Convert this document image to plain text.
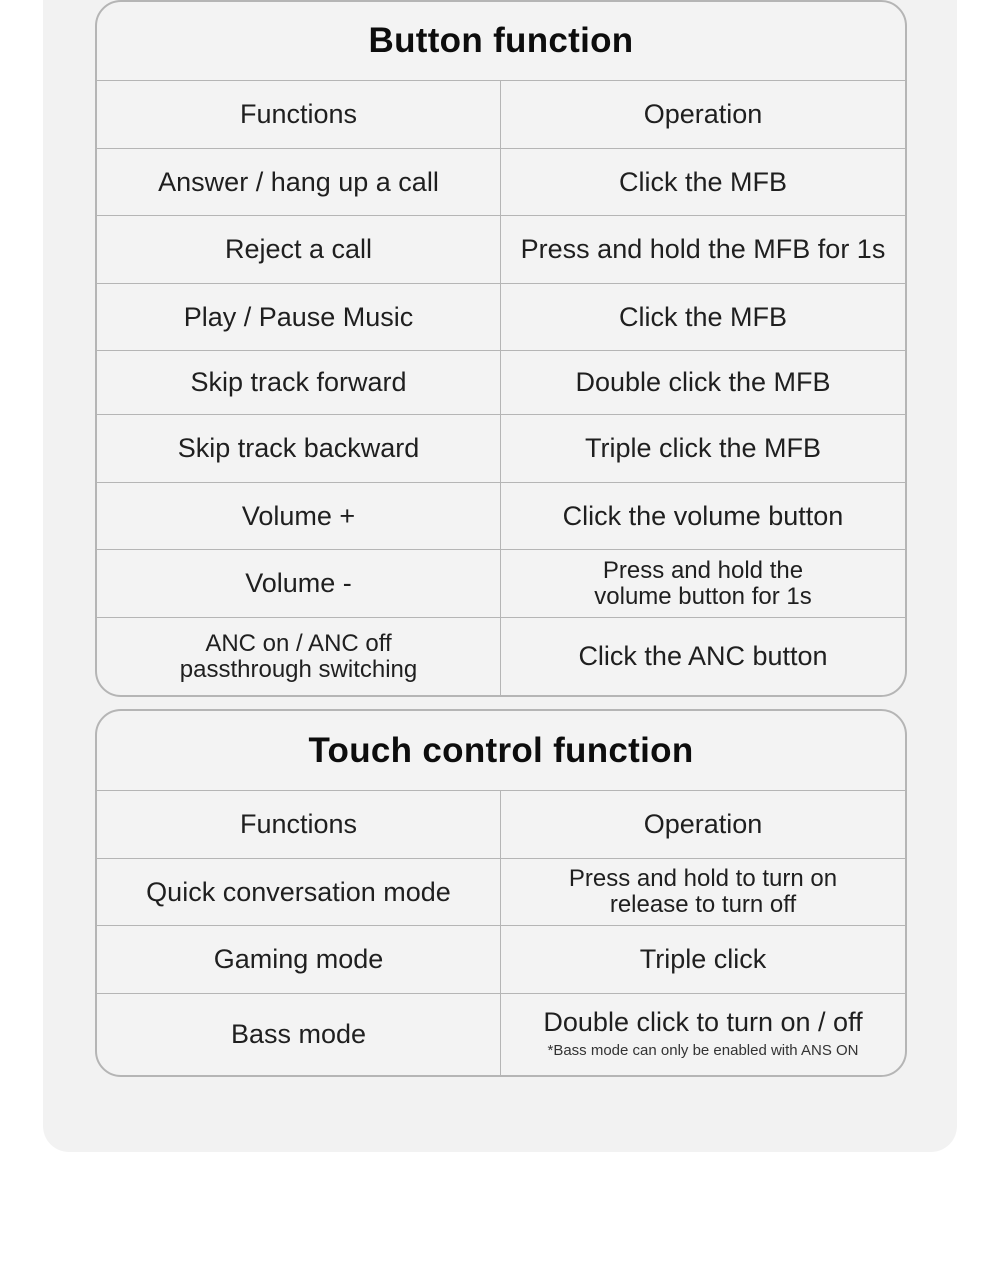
Button function
Functions	Operation
Answer / hang up a call	Click the MFB
Reject a call	Press and hold the MFB for 1s
Play / Pause Music	Click the MFB
Skip track forward	Double click the MFB
Skip track backward	Triple click the MFB
Volume +	Click the volume button
Volume -	Press and hold the
volume button for 1s
ANC on / ANC off
passthrough switching	Click the ANC button
Touch control function
Functions	Operation
Quick conversation mode	Press and hold to turn on
release to turn off
Gaming mode	Triple click
Bass mode	Double click to turn on / off
*Bass mode can only be enabled with ANS ON
